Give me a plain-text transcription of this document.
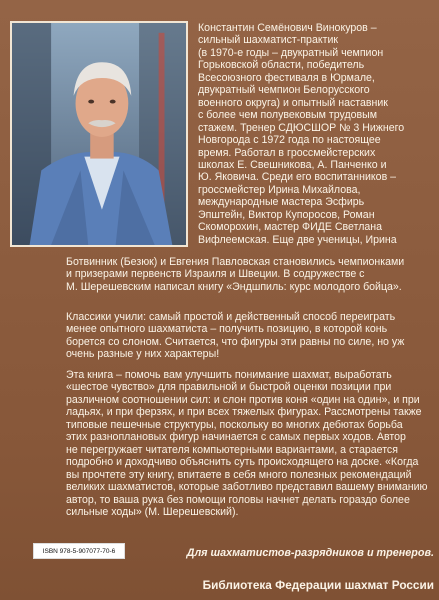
Константин Семёнович Винокуров –
сильный шахматист-практик
(в 1970-е годы – двукратный чемпион
Горьковской области, победитель
Всесоюзного фестиваля в Юрмале,
двукратный чемпион Белорусского
военного округа) и опытный наставник
с более чем полувековым трудовым
стажем. Тренер СДЮСШОР № 3 Нижнего
Новгорода с 1972 года по настоящее
время. Работал в гроссмейстерских
школах Е. Свешникова, А. Панченко и
Ю. Яковича. Среди его воспитанников –
гроссмейстер Ирина Михайлова,
международные мастера Эсфирь
Эпштейн, Виктор Купоросов, Роман
Скоморохин, мастер ФИДЕ Светлана
Вифлеемская. Еще две ученицы, Ирина
Ботвинник (Безюк) и Евгения Павловская становились чемпионками
и призерами первенств Израиля и Швеции. В содружестве с
М. Шерешевским написал книгу «Эндшпиль: курс молодого бойца».
Классики учили: самый простой и действенный способ переиграть
менее опытного шахматиста – получить позицию, в которой конь
борется со слоном. Считается, что фигуры эти равны по силе, но уж
очень разные у них характеры!
Эта книга – помочь вам улучшить понимание шахмат, выработать
«шестое чувство» для правильной и быстрой оценки позиции при
различном соотношении сил: и слон против коня «один на один», и при
ладьях, и при ферзях, и при всех тяжелых фигурах. Рассмотрены также
типовые пешечные структуры, поскольку во многих дебютах борьба
этих разноплановых фигур начинается с самых первых ходов. Автор
не перегружает читателя компьютерными вариантами, а старается
подробно и доходчиво объяснить суть происходящего на доске. «Когда
вы прочтете эту книгу, впитаете в себя много полезных рекомендаций
великих шахматистов, которые заботливо представил вашему вниманию
автор, то ваша рука без помощи головы начнет делать гораздо более
сильные ходы» (М. Шерешевский).
ISBN 978-5-907077-70-6	Для шахматистов-разрядников и тренеров.
Библиотека Федерации шахмат России
